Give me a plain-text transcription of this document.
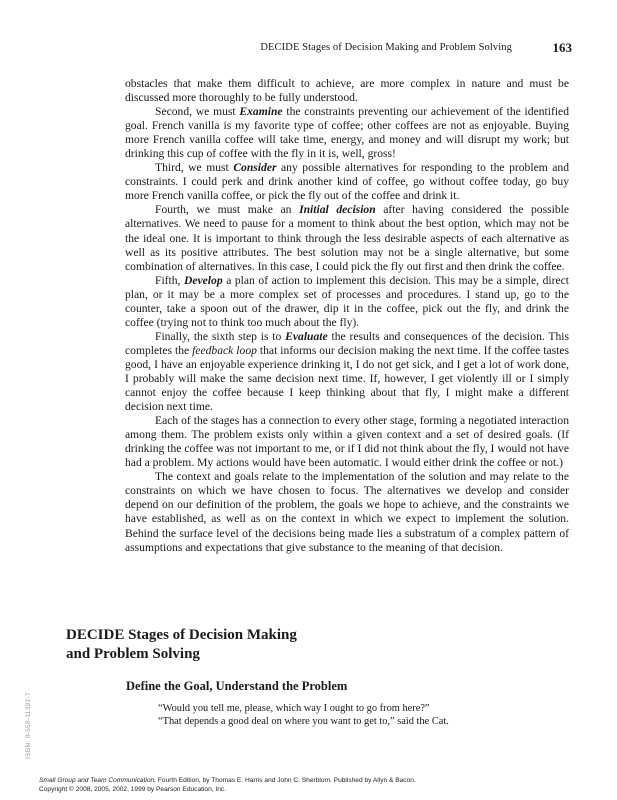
DECIDE Stages of Decision Making and Problem Solving	163

obstacles that make them difficult to achieve, are more complex in nature and must be discussed more thoroughly to be fully understood.

Second, we must Examine the constraints preventing our achievement of the identified goal. French vanilla is my favorite type of coffee; other coffees are not as enjoyable. Buying more French vanilla coffee will take time, energy, and money and will disrupt my work; but drinking this cup of coffee with the fly in it is, well, gross!

Third, we must Consider any possible alternatives for responding to the problem and constraints. I could perk and drink another kind of coffee, go without coffee today, go buy more French vanilla coffee, or pick the fly out of the coffee and drink it.

Fourth, we must make an Initial decision after having considered the possible alternatives. We need to pause for a moment to think about the best option, which may not be the ideal one. It is important to think through the less desirable aspects of each alternative as well as its positive attributes. The best solution may not be a single alternative, but some combination of alternatives. In this case, I could pick the fly out first and then drink the coffee.

Fifth, Develop a plan of action to implement this decision. This may be a simple, direct plan, or it may be a more complex set of processes and procedures. I stand up, go to the counter, take a spoon out of the drawer, dip it in the coffee, pick out the fly, and drink the coffee (trying not to think too much about the fly).

Finally, the sixth step is to Evaluate the results and consequences of the decision. This completes the feedback loop that informs our decision making the next time. If the coffee tastes good, I have an enjoyable experience drinking it, I do not get sick, and I get a lot of work done, I probably will make the same decision next time. If, however, I get violently ill or I simply cannot enjoy the coffee because I keep thinking about that fly, I might make a different decision next time.

Each of the stages has a connection to every other stage, forming a negotiated interaction among them. The problem exists only within a given context and a set of desired goals. (If drinking the coffee was not important to me, or if I did not think about the fly, I would not have had a problem. My actions would have been automatic. I would either drink the coffee or not.)

The context and goals relate to the implementation of the solution and may relate to the constraints on which we have chosen to focus. The alternatives we develop and consider depend on our definition of the problem, the goals we hope to achieve, and the constraints we have established, as well as on the context in which we expect to implement the solution. Behind the surface level of the decisions being made lies a substratum of a complex pattern of assumptions and expectations that give substance to the meaning of that decision.

DECIDE Stages of Decision Making
and Problem Solving
Define the Goal, Understand the Problem
“Would you tell me, please, which way I ought to go from here?”
“That depends a good deal on where you want to get to,” said the Cat.
ISBN: 0-558-11392-7
Small Group and Team Communication, Fourth Edition, by Thomas E. Harris and John C. Sherblom. Published by Allyn & Bacon.
Copyright © 2008, 2005, 2002, 1999 by Pearson Education, Inc.
